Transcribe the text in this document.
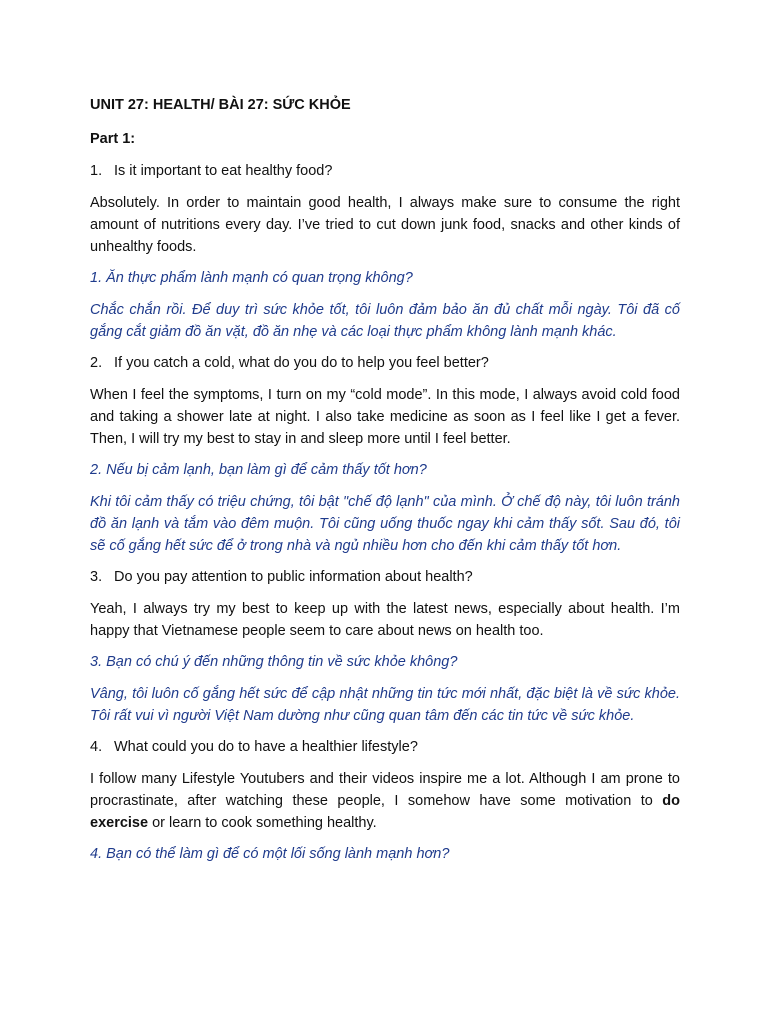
UNIT 27: HEALTH/ BÀI 27: SỨC KHỎE
Part 1:
1. Is it important to eat healthy food?
Absolutely. In order to maintain good health, I always make sure to consume the right amount of nutritions every day. I’ve tried to cut down junk food, snacks and other kinds of unhealthy foods.
1. Ăn thực phẩm lành mạnh có quan trọng không?
Chắc chắn rồi. Để duy trì sức khỏe tốt, tôi luôn đảm bảo ăn đủ chất mỗi ngày. Tôi đã cố gắng cắt giảm đồ ăn vặt, đồ ăn nhẹ và các loại thực phẩm không lành mạnh khác.
2. If you catch a cold, what do you do to help you feel better?
When I feel the symptoms, I turn on my “cold mode”. In this mode, I always avoid cold food and taking a shower late at night. I also take medicine as soon as I feel like I get a fever. Then, I will try my best to stay in and sleep more until I feel better.
2. Nếu bị cảm lạnh, bạn làm gì để cảm thấy tốt hơn?
Khi tôi cảm thấy có triệu chứng, tôi bật "chế độ lạnh" của mình. Ở chế độ này, tôi luôn tránh đồ ăn lạnh và tắm vào đêm muộn. Tôi cũng uống thuốc ngay khi cảm thấy sốt. Sau đó, tôi sẽ cố gắng hết sức để ở trong nhà và ngủ nhiều hơn cho đến khi cảm thấy tốt hơn.
3. Do you pay attention to public information about health?
Yeah, I always try my best to keep up with the latest news, especially about health. I’m happy that Vietnamese people seem to care about news on health too.
3. Bạn có chú ý đến những thông tin về sức khỏe không?
Vâng, tôi luôn cố gắng hết sức để cập nhật những tin tức mới nhất, đặc biệt là về sức khỏe. Tôi rất vui vì người Việt Nam dường như cũng quan tâm đến các tin tức về sức khỏe.
4. What could you do to have a healthier lifestyle?
I follow many Lifestyle Youtubers and their videos inspire me a lot. Although I am prone to procrastinate, after watching these people, I somehow have some motivation to do exercise or learn to cook something healthy.
4. Bạn có thể làm gì để có một lối sống lành mạnh hơn?
